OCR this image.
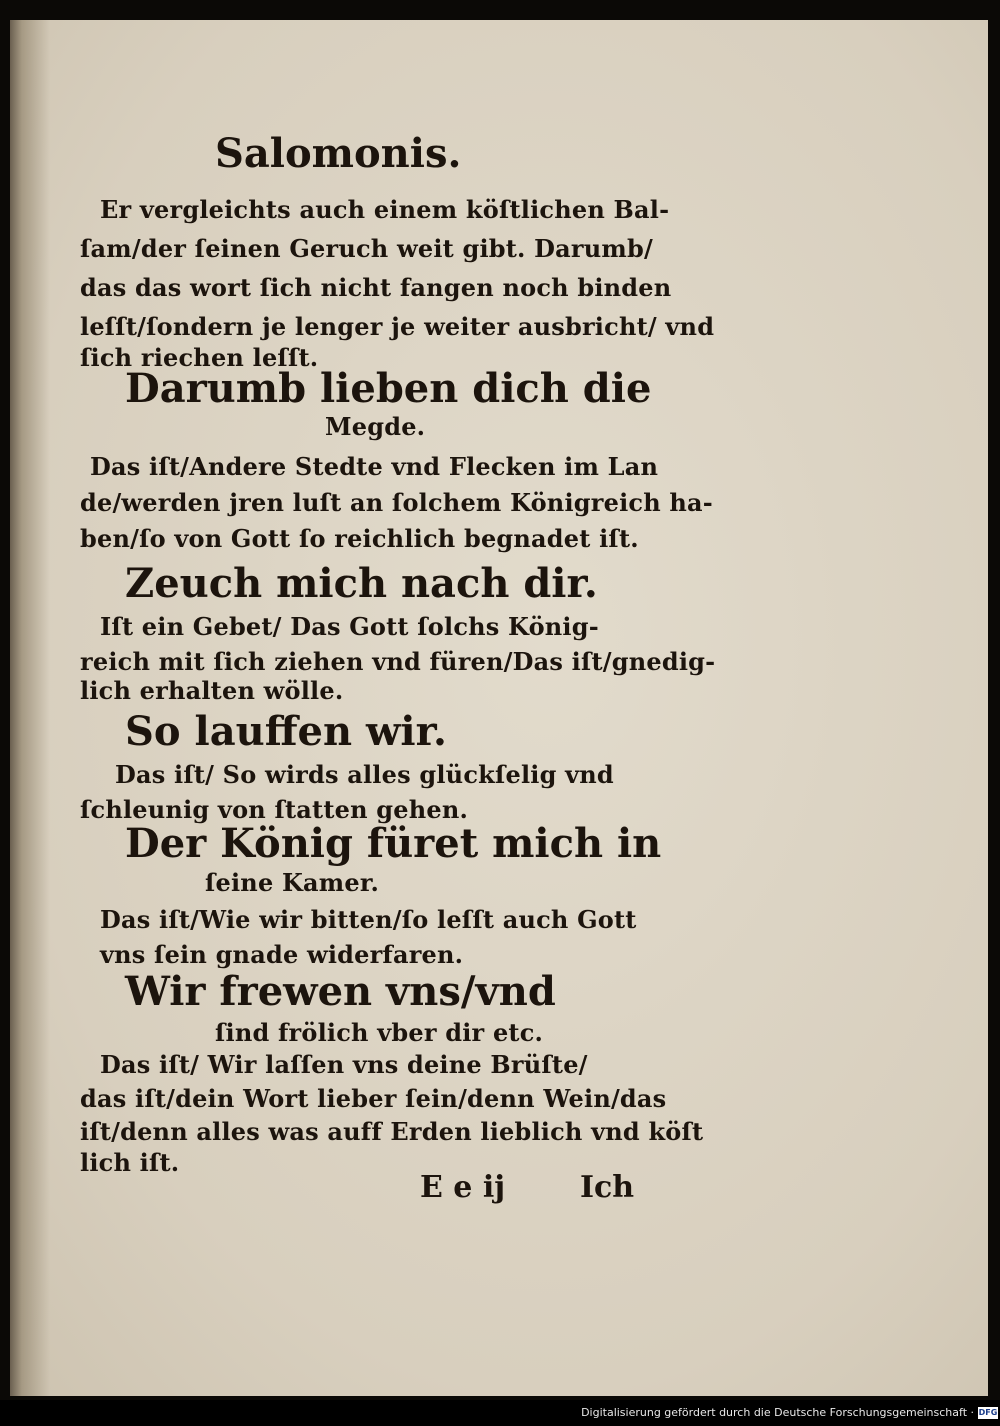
Salomonis.
Er vergleichts auch einem köſtlichen Bal-
ſam/der ſeinen Geruch weit gibt. Darumb/
das das wort ſich nicht fangen noch binden
leſſt/ſondern je lenger je weiter ausbricht/ vnd
ſich riechen leſſt.
Darumb lieben dich die
Megde.
Das iſt/Andere Stedte vnd Flecken im Lan
de/werden jren luſt an ſolchem Königreich ha-
ben/ſo von Gott ſo reichlich begnadet iſt.
Zeuch mich nach dir.
Iſt ein Gebet/ Das Gott ſolchs König-
reich mit ſich ziehen vnd füren/Das iſt/gnedig-
lich erhalten wölle.
So lauffen wir.
Das iſt/ So wirds alles glückſelig vnd
ſchleunig von ſtatten gehen.
Der König füret mich in
ſeine Kamer.
Das iſt/Wie wir bitten/ſo leſſt auch Gott
vns ſein gnade widerfaren.
Wir frewen vns/vnd
ſind frölich vber dir etc.
Das iſt/ Wir laſſen vns deine Brüſte/
das iſt/dein Wort lieber ſein/denn Wein/das
iſt/denn alles was auff Erden lieblich vnd köſt
lich iſt.
E e ij Ich
Digitalisierung gefördert durch die Deutsche Forschungsgemeinschaft · DFG
